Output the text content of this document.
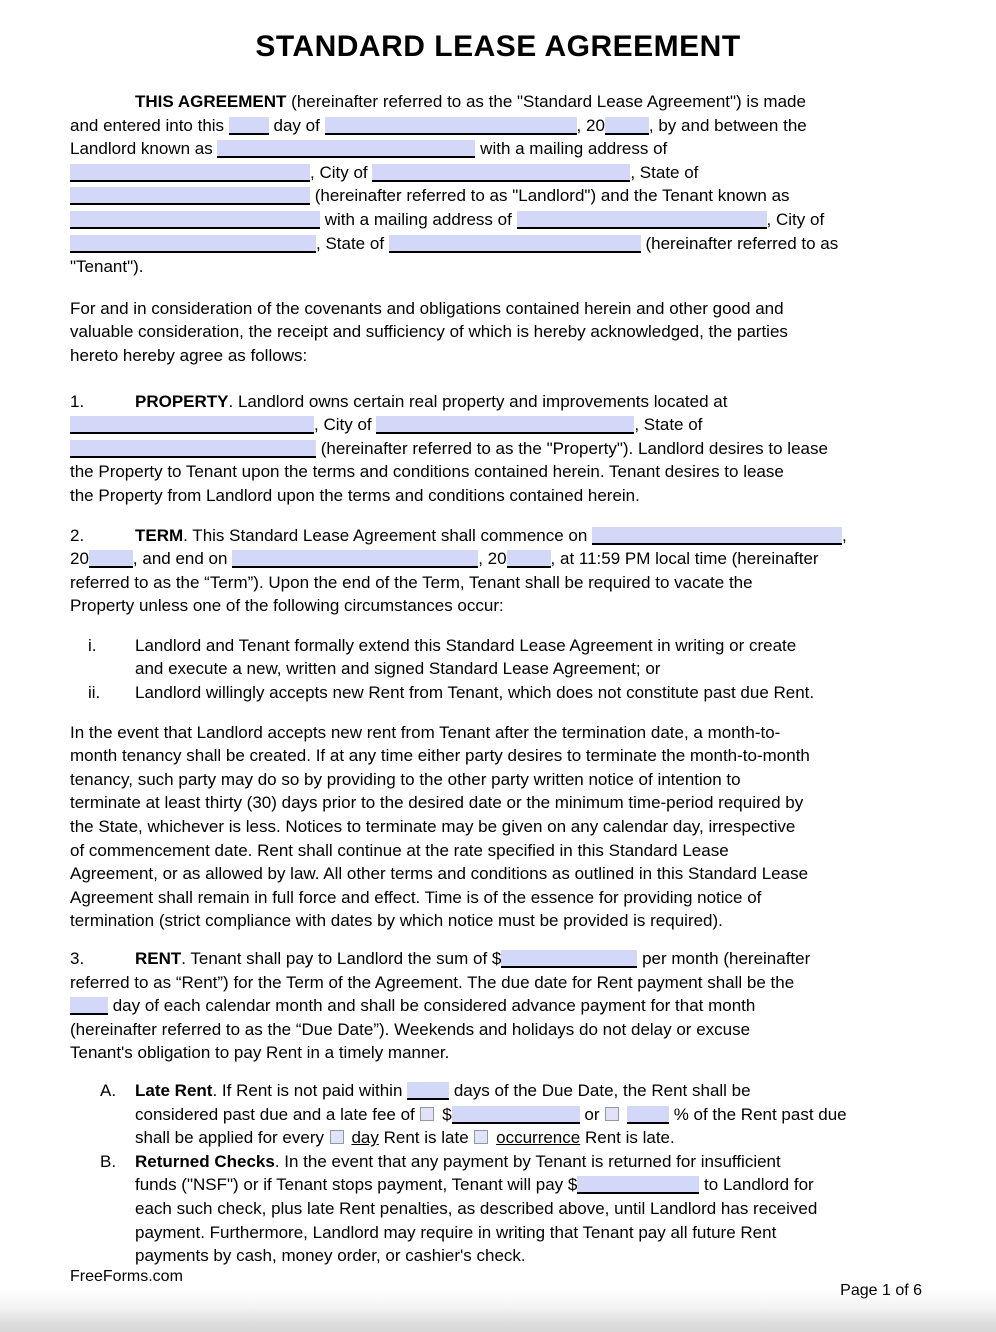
STANDARD LEASE AGREEMENT
THIS AGREEMENT (hereinafter referred to as the "Standard Lease Agreement") is made
and entered into this  day of	, 20	, by and between the
Landlord known as	with a mailing address of
, City of	, State of
(hereinafter referred to as "Landlord") and the Tenant known as
with a mailing address of	, City of
, State of	(hereinafter referred to as
"Tenant").
For and in consideration of the covenants and obligations contained herein and other good and
valuable consideration, the receipt and sufficiency of which is hereby acknowledged, the parties
hereto hereby agree as follows:
1.	PROPERTY. Landlord owns certain real property and improvements located at
, City of	, State of
(hereinafter referred to as the "Property"). Landlord desires to lease
the Property to Tenant upon the terms and conditions contained herein. Tenant desires to lease
the Property from Landlord upon the terms and conditions contained herein.
2.	TERM. This Standard Lease Agreement shall commence on	,
20	, and end on	, 20	, at 11:59 PM local time (hereinafter
referred to as the “Term”). Upon the end of the Term, Tenant shall be required to vacate the
Property unless one of the following circumstances occur:
i. Landlord and Tenant formally extend this Standard Lease Agreement in writing or create
and execute a new, written and signed Standard Lease Agreement; or
ii. Landlord willingly accepts new Rent from Tenant, which does not constitute past due Rent.
In the event that Landlord accepts new rent from Tenant after the termination date, a month-to-
month tenancy shall be created. If at any time either party desires to terminate the month-to-month
tenancy, such party may do so by providing to the other party written notice of intention to
terminate at least thirty (30) days prior to the desired date or the minimum time-period required by
the State, whichever is less. Notices to terminate may be given on any calendar day, irrespective
of commencement date. Rent shall continue at the rate specified in this Standard Lease
Agreement, or as allowed by law. All other terms and conditions as outlined in this Standard Lease
Agreement shall remain in full force and effect. Time is of the essence for providing notice of
termination (strict compliance with dates by which notice must be provided is required).
3.	RENT. Tenant shall pay to Landlord the sum of $	per month (hereinafter
referred to as “Rent”) for the Term of the Agreement. The due date for Rent payment shall be the
day of each calendar month and shall be considered advance payment for that month
(hereinafter referred to as the “Due Date”). Weekends and holidays do not delay or excuse
Tenant's obligation to pay Rent in a timely manner.
A. Late Rent. If Rent is not paid within  days of the Due Date, the Rent shall be
considered past due and a late fee of  $	or	% of the Rent past due
shall be applied for every  day Rent is late  occurrence Rent is late.
B. Returned Checks. In the event that any payment by Tenant is returned for insufficient
funds ("NSF") or if Tenant stops payment, Tenant will pay $	to Landlord for
each such check, plus late Rent penalties, as described above, until Landlord has received
payment. Furthermore, Landlord may require in writing that Tenant pay all future Rent
payments by cash, money order, or cashier's check.
FreeForms.com
Page 1 of 6
